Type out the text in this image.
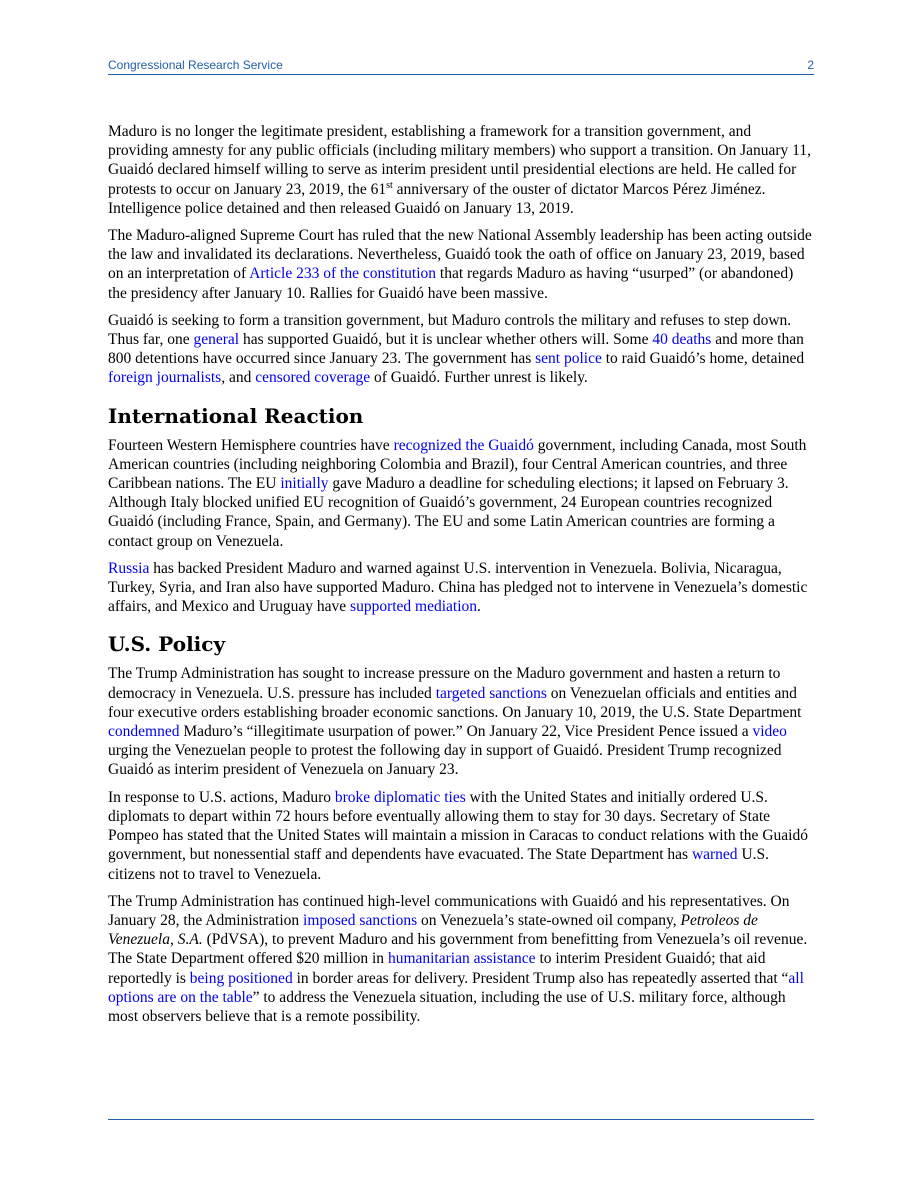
Congressional Research Service	2

Maduro is no longer the legitimate president, establishing a framework for a transition government, and providing amnesty for any public officials (including military members) who support a transition. On January 11, Guaidó declared himself willing to serve as interim president until presidential elections are held. He called for protests to occur on January 23, 2019, the 61st anniversary of the ouster of dictator Marcos Pérez Jiménez. Intelligence police detained and then released Guaidó on January 13, 2019.

The Maduro-aligned Supreme Court has ruled that the new National Assembly leadership has been acting outside the law and invalidated its declarations. Nevertheless, Guaidó took the oath of office on January 23, 2019, based on an interpretation of Article 233 of the constitution that regards Maduro as having “usurped” (or abandoned) the presidency after January 10. Rallies for Guaidó have been massive.

Guaidó is seeking to form a transition government, but Maduro controls the military and refuses to step down. Thus far, one general has supported Guaidó, but it is unclear whether others will. Some 40 deaths and more than 800 detentions have occurred since January 23. The government has sent police to raid Guaidó’s home, detained foreign journalists, and censored coverage of Guaidó. Further unrest is likely.

International Reaction

Fourteen Western Hemisphere countries have recognized the Guaidó government, including Canada, most South American countries (including neighboring Colombia and Brazil), four Central American countries, and three Caribbean nations. The EU initially gave Maduro a deadline for scheduling elections; it lapsed on February 3. Although Italy blocked unified EU recognition of Guaidó’s government, 24 European countries recognized Guaidó (including France, Spain, and Germany). The EU and some Latin American countries are forming a contact group on Venezuela.

Russia has backed President Maduro and warned against U.S. intervention in Venezuela. Bolivia, Nicaragua, Turkey, Syria, and Iran also have supported Maduro. China has pledged not to intervene in Venezuela’s domestic affairs, and Mexico and Uruguay have supported mediation.

U.S. Policy

The Trump Administration has sought to increase pressure on the Maduro government and hasten a return to democracy in Venezuela. U.S. pressure has included targeted sanctions on Venezuelan officials and entities and four executive orders establishing broader economic sanctions. On January 10, 2019, the U.S. State Department condemned Maduro’s “illegitimate usurpation of power.” On January 22, Vice President Pence issued a video urging the Venezuelan people to protest the following day in support of Guaidó. President Trump recognized Guaidó as interim president of Venezuela on January 23.

In response to U.S. actions, Maduro broke diplomatic ties with the United States and initially ordered U.S. diplomats to depart within 72 hours before eventually allowing them to stay for 30 days. Secretary of State Pompeo has stated that the United States will maintain a mission in Caracas to conduct relations with the Guaidó government, but nonessential staff and dependents have evacuated. The State Department has warned U.S. citizens not to travel to Venezuela.

The Trump Administration has continued high-level communications with Guaidó and his representatives. On January 28, the Administration imposed sanctions on Venezuela’s state-owned oil company, Petroleos de Venezuela, S.A. (PdVSA), to prevent Maduro and his government from benefitting from Venezuela’s oil revenue. The State Department offered $20 million in humanitarian assistance to interim President Guaidó; that aid reportedly is being positioned in border areas for delivery. President Trump also has repeatedly asserted that “all options are on the table” to address the Venezuela situation, including the use of U.S. military force, although most observers believe that is a remote possibility.
